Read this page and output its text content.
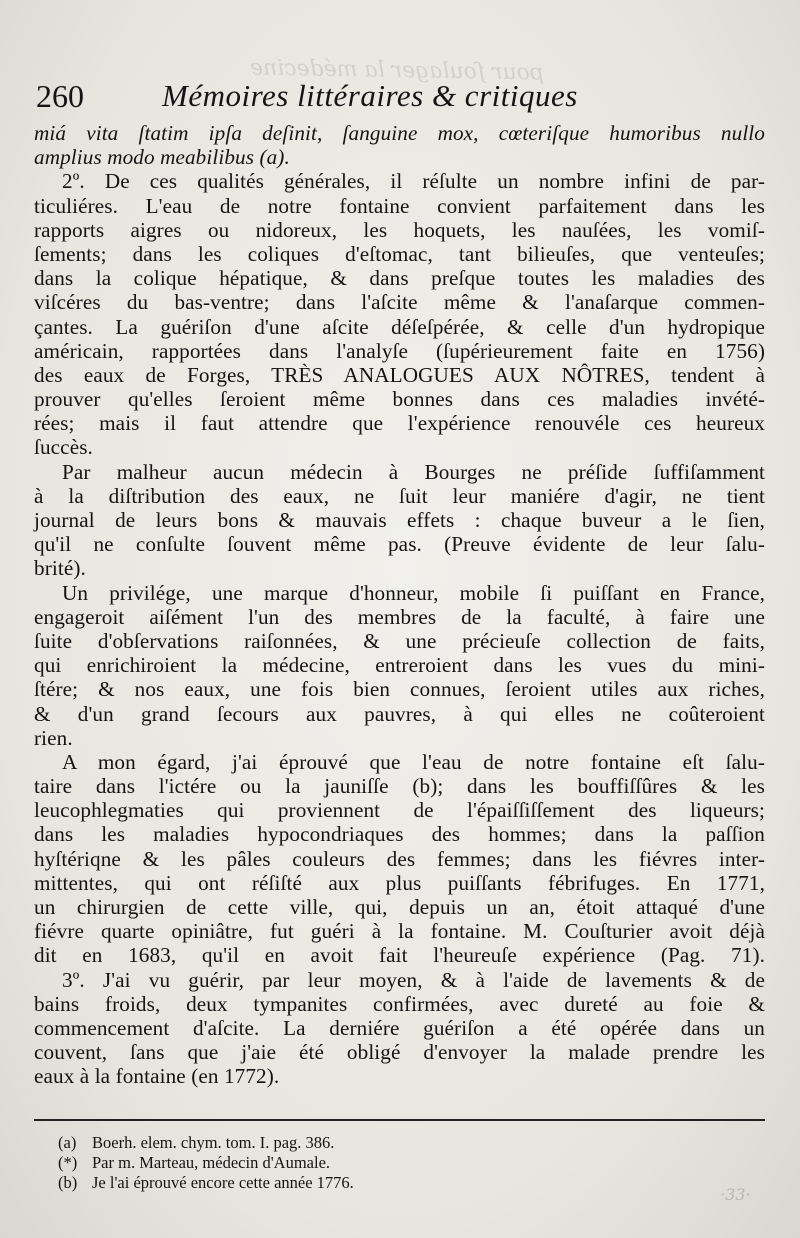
pour ſoulager la médecine
260	Mémoires littéraires & critiques
miá vita ſtatim ipſa deſinit, ſanguine mox, cœteriſque humoribus nullo
amplius modo meabilibus (a).
2º. De ces qualités générales, il réſulte un nombre infini de par-
ticuliéres. L'eau de notre fontaine convient parfaitement dans les
rapports aigres ou nidoreux, les hoquets, les nauſées, les vomiſ-
ſements; dans les coliques d'eſtomac, tant bilieuſes, que venteuſes;
dans la colique hépatique, & dans preſque toutes les maladies des
viſcéres du bas-ventre; dans l'aſcite même & l'anaſarque commen-
çantes. La guériſon d'une aſcite déſeſpérée, & celle d'un hydropique
américain, rapportées dans l'analyſe (ſupérieurement faite en 1756)
des eaux de Forges, TRÈS ANALOGUES AUX NÔTRES, tendent à
prouver qu'elles ſeroient même bonnes dans ces maladies invété-
rées; mais il faut attendre que l'expérience renouvéle ces heureux
ſuccès.
Par malheur aucun médecin à Bourges ne préſide ſuffiſamment
à la diſtribution des eaux, ne ſuit leur maniére d'agir, ne tient
journal de leurs bons & mauvais effets : chaque buveur a le ſien,
qu'il ne conſulte ſouvent même pas. (Preuve évidente de leur ſalu-
brité).
Un privilége, une marque d'honneur, mobile ſi puiſſant en France,
engageroit aiſément l'un des membres de la faculté, à faire une
ſuite d'obſervations raiſonnées, & une précieuſe collection de faits,
qui enrichiroient la médecine, entreroient dans les vues du mini-
ſtére; & nos eaux, une fois bien connues, ſeroient utiles aux riches,
& d'un grand ſecours aux pauvres, à qui elles ne coûteroient
rien.
A mon égard, j'ai éprouvé que l'eau de notre fontaine eſt ſalu-
taire dans l'ictére ou la jauniſſe (b); dans les bouffiſſûres & les
leucophlegmaties qui proviennent de l'épaiſſiſſement des liqueurs;
dans les maladies hypocondriaques des hommes; dans la paſſion
hyſtériqne & les pâles couleurs des femmes; dans les fiévres inter-
mittentes, qui ont réſiſté aux plus puiſſants fébrifuges. En 1771,
un chirurgien de cette ville, qui, depuis un an, étoit attaqué d'une
fiévre quarte opiniâtre, fut guéri à la fontaine. M. Couſturier avoit déjà
dit en 1683, qu'il en avoit fait l'heureuſe expérience (Pag. 71).
3º. J'ai vu guérir, par leur moyen, & à l'aide de lavements & de
bains froids, deux tympanites confirmées, avec dureté au foie &
commencement d'aſcite. La derniére guériſon a été opérée dans un
couvent, ſans que j'aie été obligé d'envoyer la malade prendre les
eaux à la fontaine (en 1772).
(a) Boerh. elem. chym. tom. I. pag. 386.
(*) Par m. Marteau, médecin d'Aumale.
(b) Je l'ai éprouvé encore cette année 1776.
·33·
